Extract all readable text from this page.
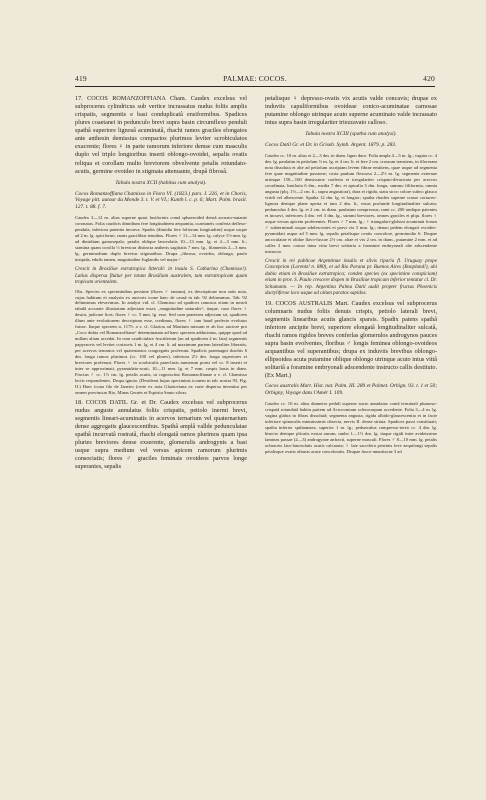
419	PALMAE: COCOS.	420

17. COCOS ROMANZOFFIANA Cham. Caudex excelsus vel subprocerus cylindricus sub vertice incrassatus nudus foliis amplis crispatis, segmentis e basi conduplicatâ ensiformibus. Spadices plures coaetanei in pedunculo brevi supra basin circumflexo penduli spathâ superiore lignosâ acuminatâ, rhachi ramos graciles elongatos ante anthesin demissius compactos plurimos leviter scrobiculatos exacrente; flores ♀ in parte ramorum inferiore demse cum masculis duplo vel triplo longioribus inserti oblongo-ovoidei, sepalis ovatis reliqua et corollam multo breviorem obvelvente petalis rotundato-acutis, germine ovoideo in stigmata attenuante, drupâ fibrosâ.

Tabula nostra XCII (habitus cum analysi).

Cocos Romanzoffiana Chamisso in Flora VI. (1823.) pars. I. 226, et in Choris, Voyage pitt. autour du Monde 3. t. V. et VI.; Kunth l. c. p. 6; Mart. Palm. brasil. 127. t. 88. f. 7.

Caudex 3—12 m. altus superne quasi fusiformis comâ sphaeroideâ densâ arcuato-nutante coronatus. Folia caudicis dimidium fere longitudinem aequantia, coaetaneis conferta deflexo-pendula, inferiora patentia incurva. Spadix (dimidia fere foliorum longitudine) usque usque ad 2 m. lg. spiciformi, ramis gracilibus tenuibus. Flores ♂ 11—14 mm. lg. calyce 1½ mm. lg. ad dimidium gamosepalo, petalis oblique lanceolatis 10—13 mm. lg. et 2—3 mm. lt.; stamina quam corolla ⅓ breviora distincta antheris sagittatis 7 mm. lg., filamentis 2—3 mm. lg. germinodium duplo brevius stigmatibus. Drupa „fibrosa, ovoidea, oblonga, paulo insipida, edulis tamen, magnitudine Juglandis vel major.“

Crescit in Brasiliae extratropica litterali: in insula S. Catharina (Chamisso!). Latius dispersa fluitur per totam Brasiliam australem, tam extratropicam quam tropicam orientalem.

Obs. Species ex speciminibus pessime (flores ♂ tantum), ex descriptione non satis nota, cujus habitum et analysin ex auctoris icone haec de causâ in tab. 92 delineamus. Tab. 92 delineamus elevavimus. In analysi vid. cl. Chamisso ad spadices ramosos etiam in nostrâ tabulâ accurate illustratam adjectam esset; „magnitudine naturalis“; itaque, cum flores ♀ desint, judicare licet, flores ♀ cc. 5 mm. lg. esse. Sed cum praeterea adjectam sit, spadicem illum ante evolutionem descriptum esse, credimus, flores ♀ tam haud perfecte evolutos fuisse. Itaque speciem n. 1175: a v. cl. Glaziou ad Martium missam et ab hoc auctore pro „Coco dubia vel Romanzoffiana“ determinatam ad hanc speciem adducimus, quippe quod ad nullam aliam accedat. In cum caudiciulare fructiferum (an ad spadicem 2 m. lata) segmentis papyraceis vel leviter coriaceis 1 m. lg. et 4 cm. lt. ad maximum partem lateraliter liberatis, per acervos ternarios vel quaternarios congregatis proferunt. Spadicis praemagni rhachis 6 dm. longa ramos plurimos (cc. 100 vel plures), inferiora 2½ dm. longa superiores et breviores proferunt. Flores ♀ in scrobiculis praeclusis numerum ponsi vel cc. 8 inserti et inter se approximati, pyramidato-acuti, 10—11 mm. lg. et 7 mm. cuspis basis in diam. Fructus ♂ cc. 1½ cm. lg. petalis acutis, ut cognoscitur Romanzoffianae a v. cl. Chamisso lectis respondentes. Drupa ignota. (Desiderat hujus speciminis iconem in tab. nostra 93, Fig. II.) Haec icona filo de Janeiro (certe ex nota Glazioviana ex carie dispersa invenitur per omnes provincias Rio, Minas Geraës et Espiritu Santo silvas.

18. COCOS DATIL Gr. et Dr. Caudex excelsus vel subprocerus nudus anguste annulatus foliis crispatis, petiolo inermi brevi, segmentis lineari-acuminatis in acervos ternarium vel quaternarium dense aggregatis glaucescentibus. Spathâ amplâ vallde pedunculatae spathâ incurvatâ rostratâ, rhachi elongatâ ramos plurimos quam ipsa pluries breviores dense exserente, glomerulis androgynis a basi usque supra medium vel versus apicem ramorum plurimis consociatis; flores ♂ graciles feminais ovoideos parvos longe superantes, sepalis

petalisque ♀ depresso-ovatis vix acutis valde concavis; drupae ex induviis capuliformibus ovoideae conico-acuminatae carnosae putamine oblongo utrinque acuto superne acuminato valde incrassato intus supra basin irregulariter triezzavato calloso.

Tabula nostra XCIII (spatha cum analysi).

Cocos Datil Gr. et Dr. in Griseb. Symb. Argent. 1879. p. 283.

Caudex cc. 10 m. altus et 2—3 dm. in diam. ligno duro. Folia ampla 4—5 m. lg.; vagina cc. 4 dm. lg. paulatim in petiolum ½ m. lg. et 4 cm. lt. et fere 2 cm. crassum transiens, in illaceram nota dissoluta et alte ad petiolum ascriptam levem fibrae emittens, quae usque ad segmenta fere quae magnitudine passione; costa paulum flexuosa 2—2½ m. lg. segmenta externae utrinque 150—160 densissime conferta et irregulariter crispato-divaricata per acervos coordinata, basilaria 6 dm., media 7 dm. et apicalia 3 dm. longa, summo filiformia, omnia angusta (plq. 1½—2 cm. lt., supra angustiora), dura et rigida, statu sicco colore subvo glauco viridi vel albescente. Spatha 12 dm. lg. et longior; spatha rhachis superne crasse cortaceo-lignosa denique plane aperta et tum 2 dm. lt., extus profunde longitudinaliter sulcata; pedunculus 4 dm. lg. et 2 cm. in diam. paulatum compressus; rami cc. 200 undique patentes et incurvi, inferiores 4 dm. vel 3 dm. lg., summi breviores, omnes graciles et plqu. flores ♀ usque versus apicem proferentes. Flores ♂ 7 mm. lg.; ♀ triangulari-globosi acuminati forum ♂ subterminali usque adolescentes et parvi vix 5 mm. lg.; denuo pedem elongati ovoideo-pyramidati usque ad 5 mm. lg. sepalis petalisque ovatis concolore, germinodio 6. Drupae ancoculatae et olidae flavo-fuscae 2½ cm. altae et vix 2 cm. in diam., putamine 2 mm. et ad calles 3 mm. crasso intus vitta brevi solitaria a foramine embryonali alte adscendente instructo.

Crescit in rei publicae Argentinae insulis et silvis riparia fl. Uruguay prope Concepcion (Lorentz! n. 880), et ad Rio Parana pr. Buenos Aires (Bonpland!), ubi dubio etiam in Brasiliae extratropica; conden species (ex specimine conspiciam) etiam in prov. S. Paulo crescere dispen in Brasiliae tropicam inferior tentatur cl. Dr. Schumann. — In rep. Argentina Palma Datil audit propter fructus Phoenicis dactyliferae loco usque ad oilum paratos sapidos.

19. COCOS AUSTRALIS Mart. Caudex excelsus vel subprocerus columnaris nudus foliis denuis crispis, petiolo laterali brevi, segmentis linearibus acutis glancis sparsis. Spadix patens spathâ inferiore ancipite brevi, superiore elongatâ longitudinaliter sulcatâ, rhachi ramos rigidos breves conferlas glomerulos androgynos pauces supra basin evolventes, floribus ♂ longis feminea oblongo-ovoideos acquantibus vel superantibus; drupa ex induviis brevibus oblongo-ellipsoidea acuta putamine oblique oblongo utrinque acuto intus vittâ solitariâ a foramine embryonali adscendente instructo callis destituto. (Ex Mart.)

Cocos australis Mart. Hist. nat. Palm. III. 289 et Palmet. Orbign. 93. t. 1 et 50; Orbigny, Voyage dans l'Amér I. 109.

Caudex cc. 10 m. altus diametro peduli superne aucto annulatus comâ terminali plumoso-crispatâ rotundatâ habitu partem ad Acrocomiam sclerocarpam accedente. Folia 3—4 m. lg. vagina glabra in fibras dissolutâ; segmenta angusta, rigida albido-glaucescentia et in facie inferiore spinaculis minutissimis obsecta, nervis II. dense striata. Spadices passi constituati; spatha inferior spithamaea, superior 1 m. lg.; pedunculus compresso-tereo cc. 4 dm. lg. bisecto denique plicatis exstat aurum, umbo 1—1½ dm. lg. itaque rigidi inter avideissime laminas passae (2—3) androgynae anfracti, superne masculi. Flores ♂ 8—10 mm. lg. petalis ochraceis lato-lanceolatis acutis calcarata; ♀ late saccifera pristinis leve aequilongi sepalis petalisque ovatis obtusis acute concoloratis. Drupae fusco-amaritacae 3 ad
